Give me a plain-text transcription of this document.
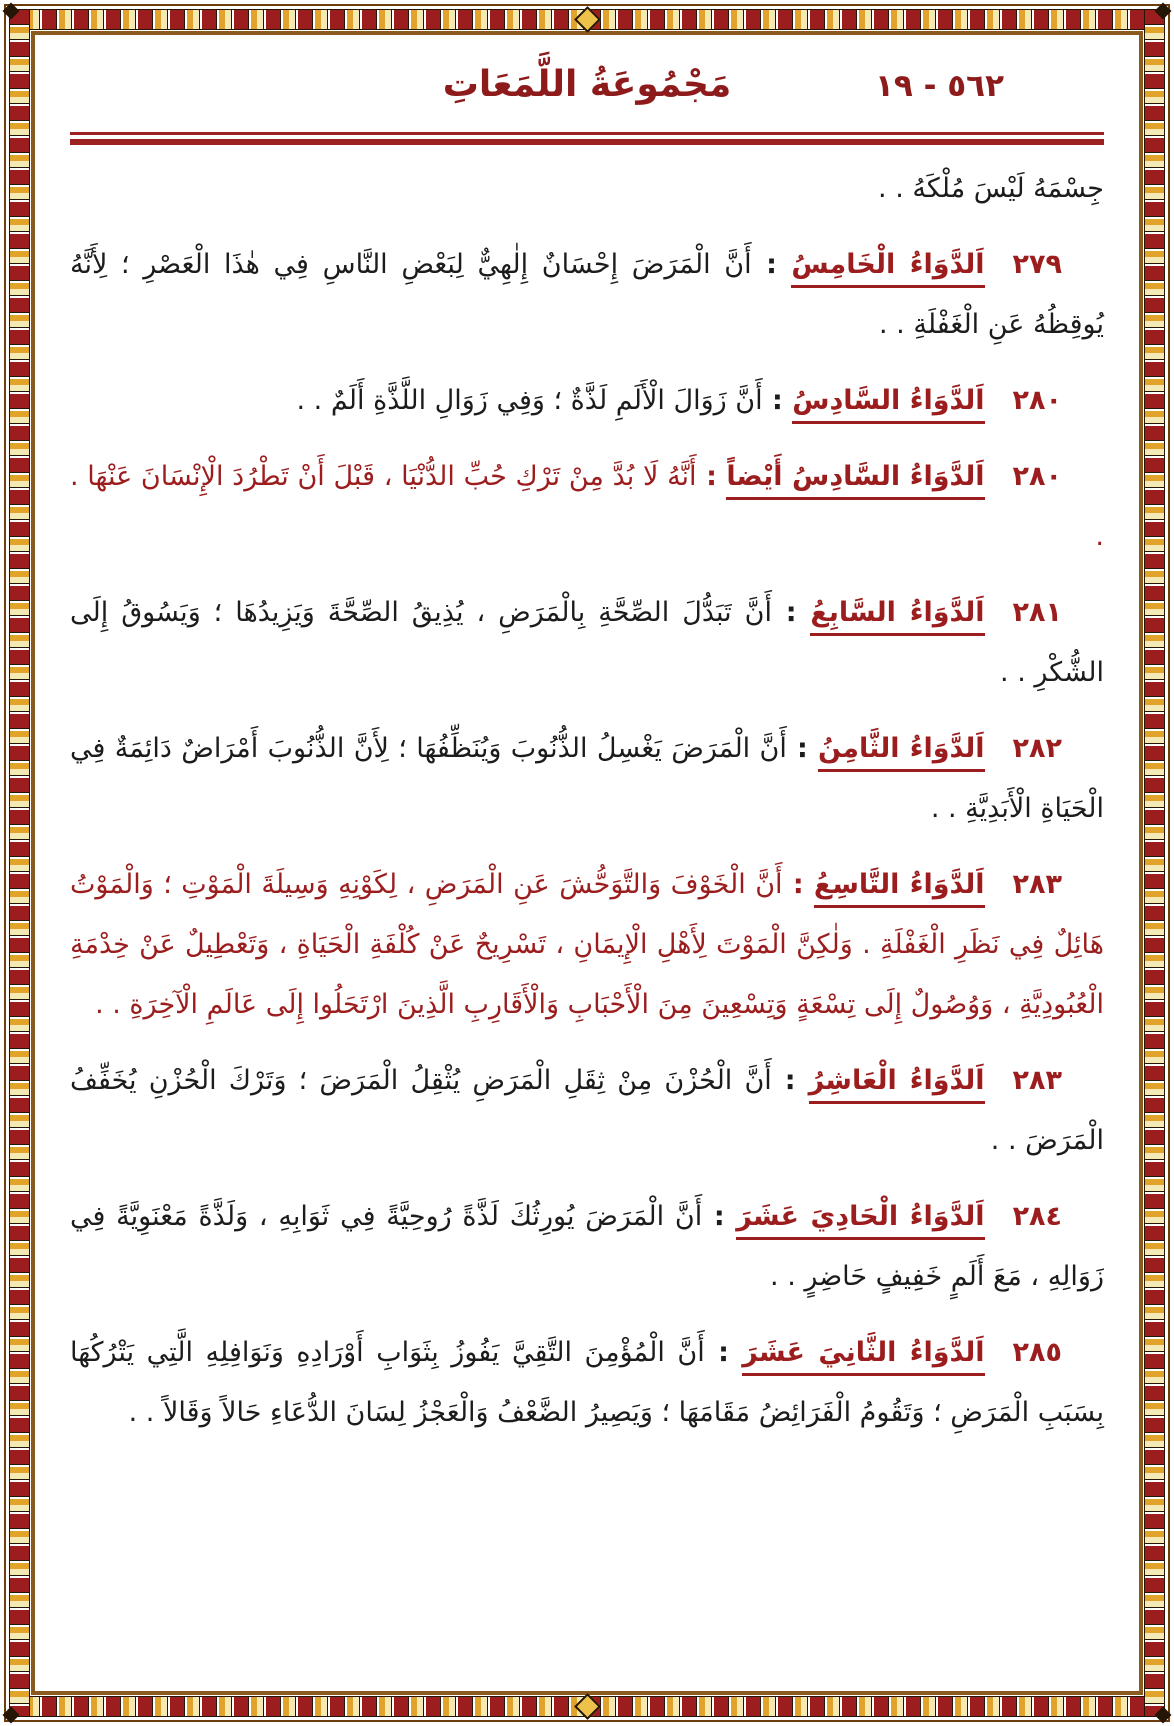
مَجْمُوعَةُ اللَّمَعَاتِ	٥٦٢ - ١٩

جِسْمَهُ لَيْسَ مُلْكَهُ . .

٢٧٩اَلدَّوَاءُ الْخَامِسُ : أَنَّ الْمَرَضَ إِحْسَانٌ إِلٰهِيٌّ لِبَعْضِ النَّاسِ فِي هٰذَا الْعَصْرِ ؛ لِأَنَّهُ يُوقِظُهُ عَنِ الْغَفْلَةِ . .

٢٨٠اَلدَّوَاءُ السَّادِسُ : أَنَّ زَوَالَ الْأَلَمِ لَذَّةٌ ؛ وَفِي زَوَالِ اللَّذَّةِ أَلَمٌ . .

٢٨٠اَلدَّوَاءُ السَّادِسُ أَيْضاً : أَنَّهُ لَا بُدَّ مِنْ تَرْكِ حُبِّ الدُّنْيَا ، قَبْلَ أَنْ تَطْرُدَ الْإِنْسَانَ عَنْهَا . .

٢٨١اَلدَّوَاءُ السَّابِعُ : أَنَّ تَبَدُّلَ الصِّحَّةِ بِالْمَرَضِ ، يُذِيقُ الصِّحَّةَ وَيَزِيدُهَا ؛ وَيَسُوقُ إِلَى الشُّكْرِ . .

٢٨٢اَلدَّوَاءُ الثَّامِنُ : أَنَّ الْمَرَضَ يَغْسِلُ الذُّنُوبَ وَيُنَظِّفُهَا ؛ لِأَنَّ الذُّنُوبَ أَمْرَاضٌ دَائِمَةٌ فِي الْحَيَاةِ الْأَبَدِيَّةِ . .

٢٨٣اَلدَّوَاءُ التَّاسِعُ : أَنَّ الْخَوْفَ وَالتَّوَحُّشَ عَنِ الْمَرَضِ ، لِكَوْنِهِ وَسِيلَةَ الْمَوْتِ ؛ وَالْمَوْتُ هَائِلٌ فِي نَظَرِ الْغَفْلَةِ . وَلٰكِنَّ الْمَوْتَ لِأَهْلِ الْإِيمَانِ ، تَسْرِيحٌ عَنْ كُلْفَةِ الْحَيَاةِ ، وَتَعْطِيلٌ عَنْ خِدْمَةِ الْعُبُودِيَّةِ ، وَوُصُولٌ إِلَى تِسْعَةٍ وَتِسْعِينَ مِنَ الْأَحْبَابِ وَالْأَقَارِبِ الَّذِينَ ارْتَحَلُوا إِلَى عَالَمِ الْآخِرَةِ . .

٢٨٣اَلدَّوَاءُ الْعَاشِرُ : أَنَّ الْحُزْنَ مِنْ ثِقَلِ الْمَرَضِ يُثْقِلُ الْمَرَضَ ؛ وَتَرْكَ الْحُزْنِ يُخَفِّفُ الْمَرَضَ . .

٢٨٤اَلدَّوَاءُ الْحَادِيَ عَشَرَ : أَنَّ الْمَرَضَ يُورِثُكَ لَذَّةً رُوحِيَّةً فِي ثَوَابِهِ ، وَلَذَّةً مَعْنَوِيَّةً فِي زَوَالِهِ ، مَعَ أَلَمٍ خَفِيفٍ حَاضِرٍ . .

٢٨٥اَلدَّوَاءُ الثَّانِيَ عَشَرَ : أَنَّ الْمُؤْمِنَ التَّقِيَّ يَفُوزُ بِثَوَابِ أَوْرَادِهِ وَنَوَافِلِهِ الَّتِي يَتْرُكُهَا بِسَبَبِ الْمَرَضِ ؛ وَتَقُومُ الْفَرَائِضُ مَقَامَهَا ؛ وَيَصِيرُ الضَّعْفُ وَالْعَجْزُ لِسَانَ الدُّعَاءِ حَالاً وَقَالاً . .
